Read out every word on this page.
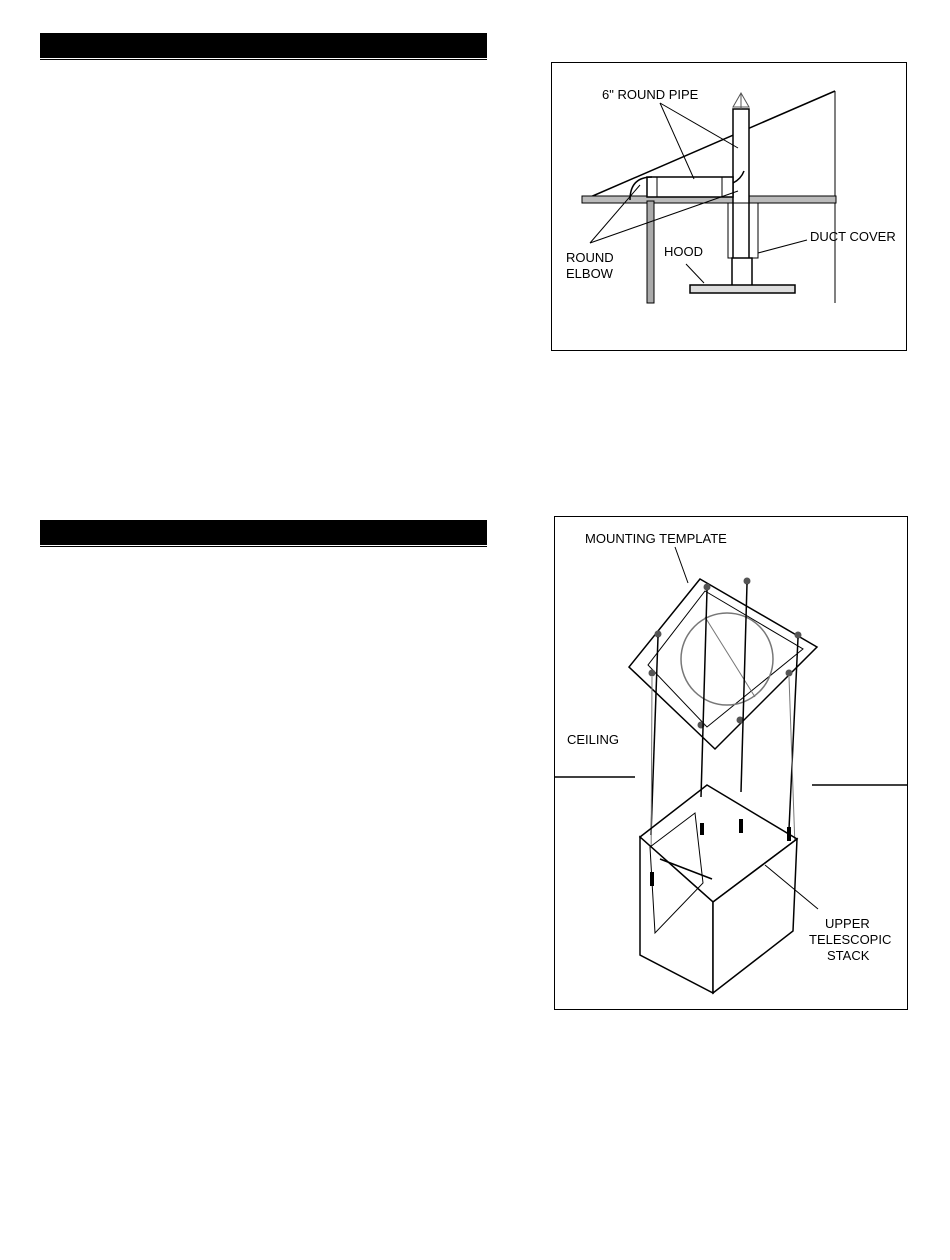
6" ROUND PIPE
ROUND
ELBOW
HOOD
DUCT COVER
MOUNTING TEMPLATE
CEILING
UPPER
TELESCOPIC
STACK
